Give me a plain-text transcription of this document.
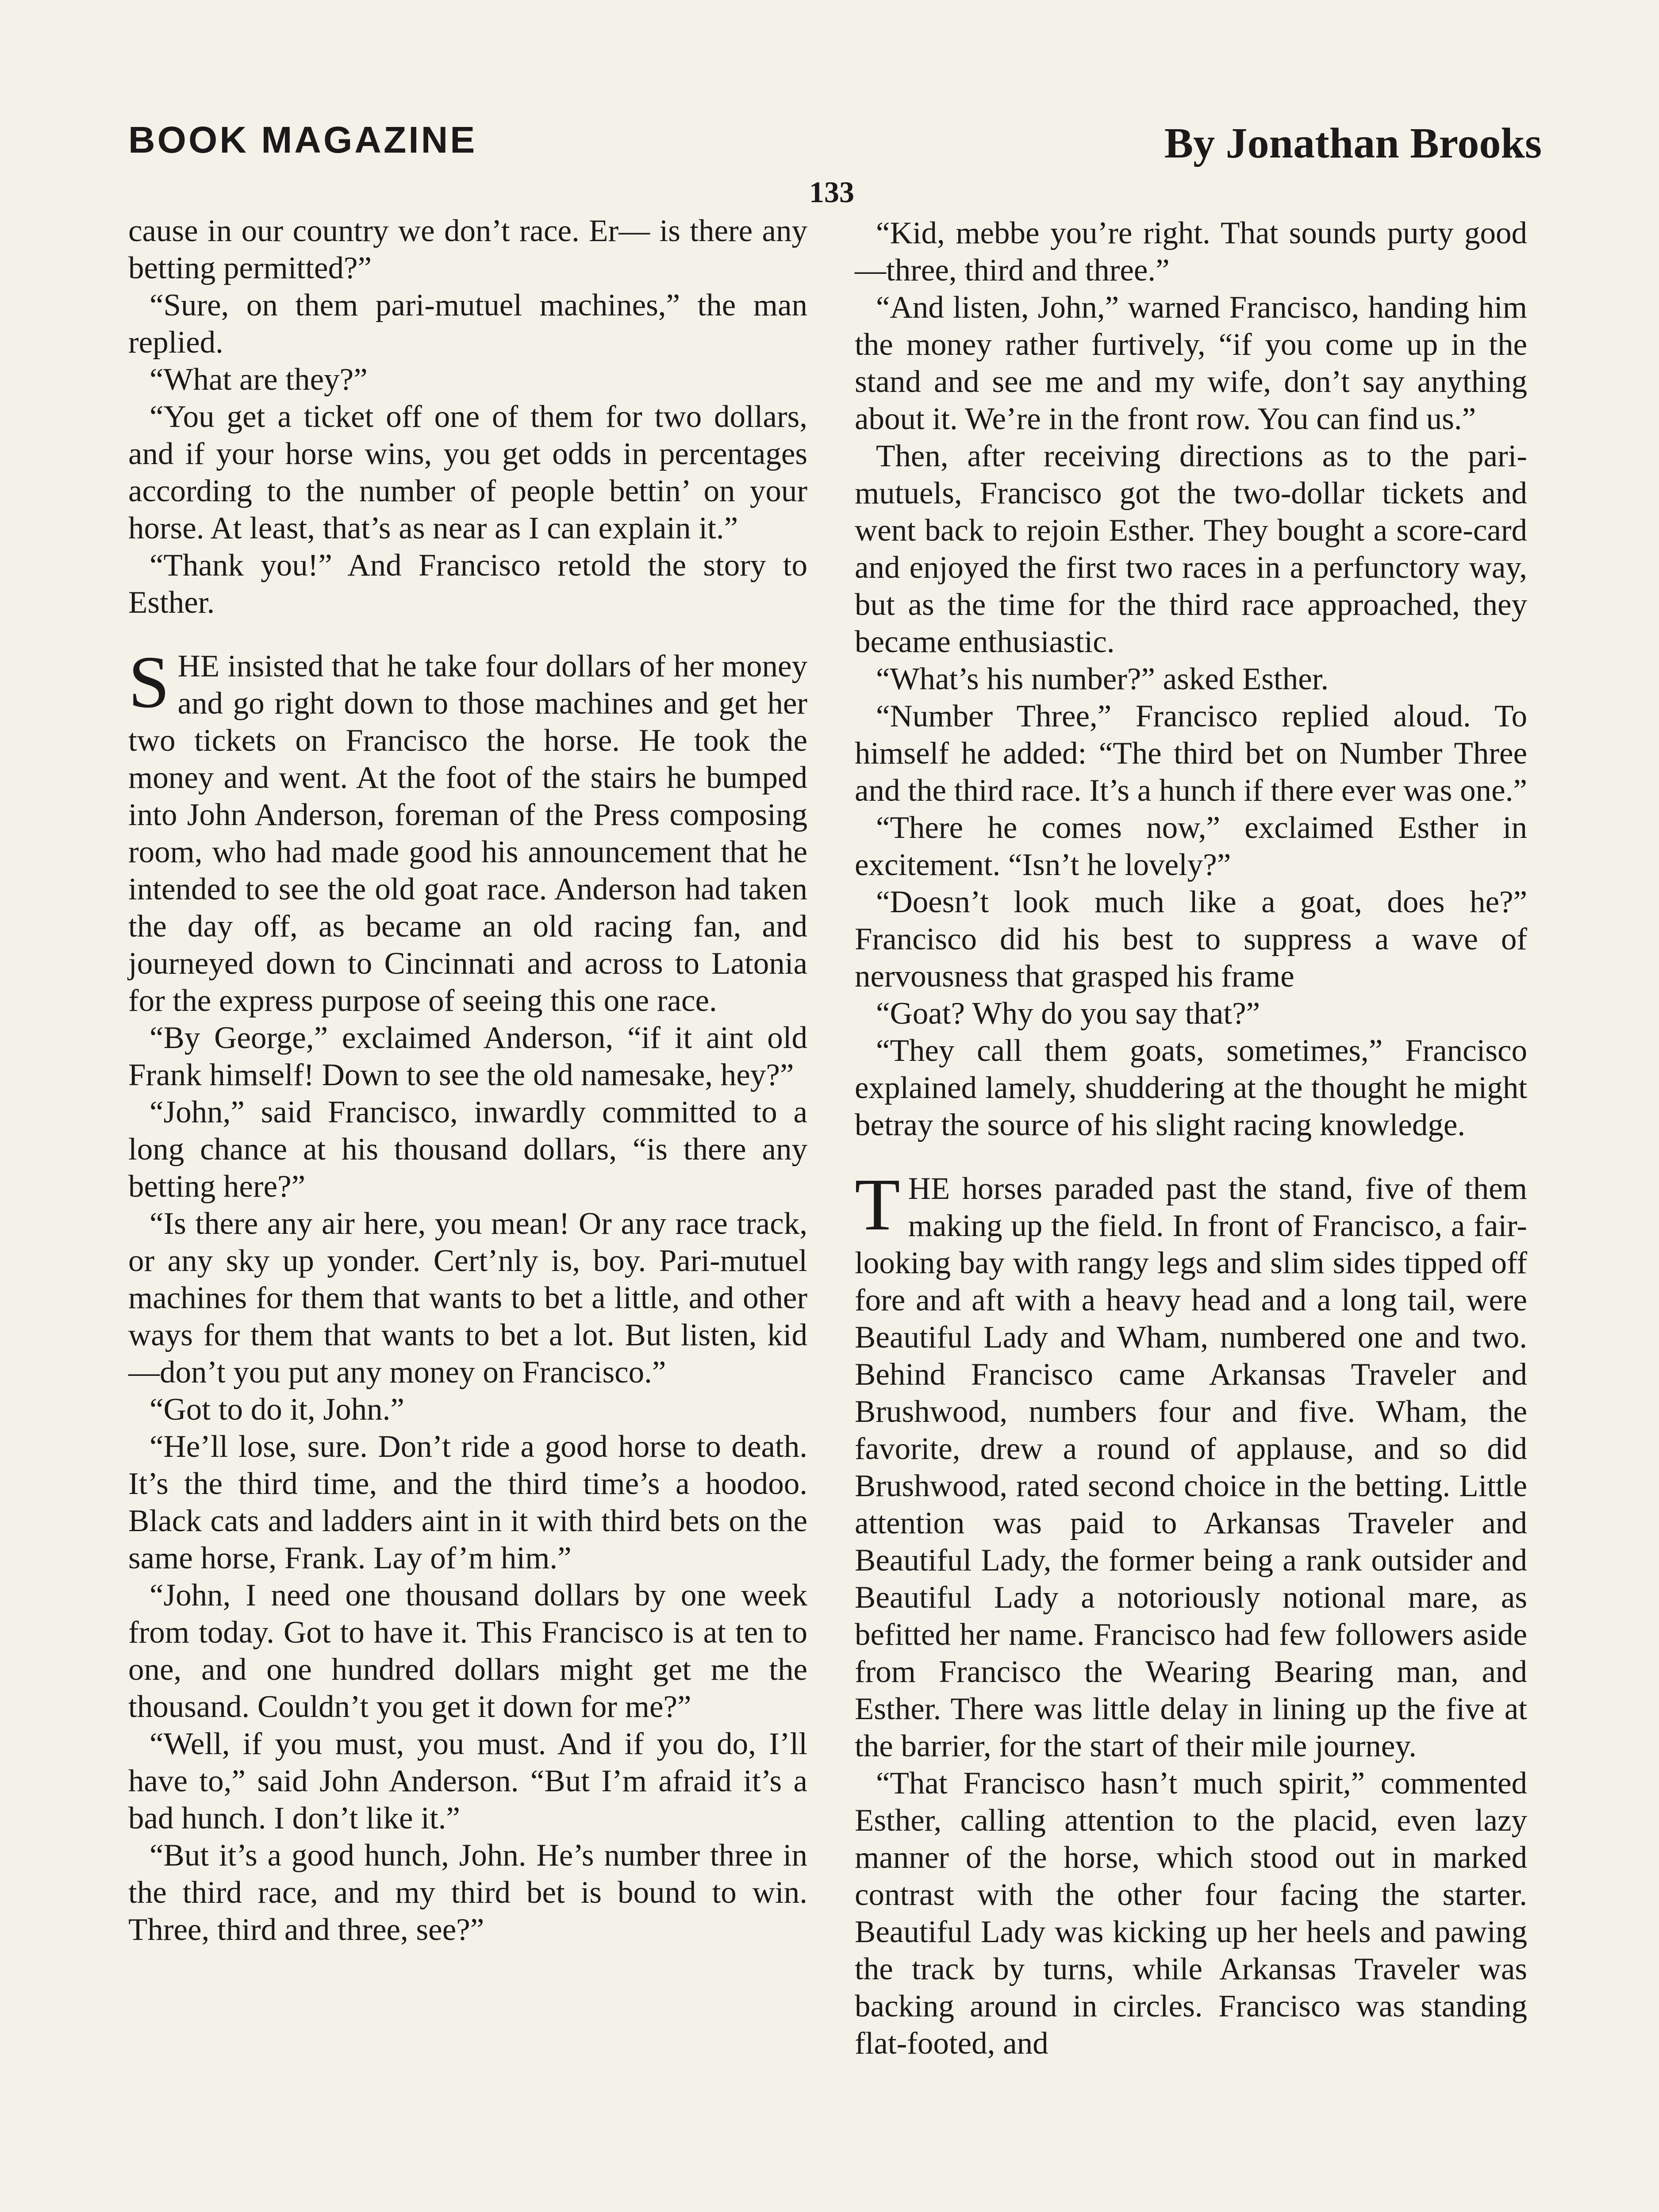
BOOK MAGAZINE	By Jonathan Brooks
133

cause in our country we don’t race. Er— is there any betting permitted?”

“Sure, on them pari-mutuel machines,” the man replied.

“What are they?”

“You get a ticket off one of them for two dollars, and if your horse wins, you get odds in percentages according to the number of people bettin’ on your horse. At least, that’s as near as I can explain it.”

“Thank you!” And Francisco retold the story to Esther.

SHE insisted that he take four dollars of her money and go right down to those machines and get her two tickets on Francisco the horse. He took the money and went. At the foot of the stairs he bumped into John Anderson, foreman of the Press composing room, who had made good his announcement that he intended to see the old goat race. Anderson had taken the day off, as became an old racing fan, and journeyed down to Cincinnati and across to Latonia for the express purpose of seeing this one race.

“By George,” exclaimed Anderson, “if it aint old Frank himself! Down to see the old namesake, hey?”

“John,” said Francisco, inwardly committed to a long chance at his thousand dollars, “is there any betting here?”

“Is there any air here, you mean! Or any race track, or any sky up yonder. Cert’nly is, boy. Pari-mutuel machines for them that wants to bet a little, and other ways for them that wants to bet a lot. But listen, kid—don’t you put any money on Francisco.”

“Got to do it, John.”

“He’ll lose, sure. Don’t ride a good horse to death. It’s the third time, and the third time’s a hoodoo. Black cats and ladders aint in it with third bets on the same horse, Frank. Lay of’m him.”

“John, I need one thousand dollars by one week from today. Got to have it. This Francisco is at ten to one, and one hundred dollars might get me the thousand. Couldn’t you get it down for me?”

“Well, if you must, you must. And if you do, I’ll have to,” said John Anderson. “But I’m afraid it’s a bad hunch. I don’t like it.”

“But it’s a good hunch, John. He’s number three in the third race, and my third bet is bound to win. Three, third and three, see?”

“Kid, mebbe you’re right. That sounds purty good—three, third and three.”

“And listen, John,” warned Francisco, handing him the money rather furtively, “if you come up in the stand and see me and my wife, don’t say anything about it. We’re in the front row. You can find us.”

Then, after receiving directions as to the pari-mutuels, Francisco got the two-dollar tickets and went back to rejoin Esther. They bought a score-card and enjoyed the first two races in a perfunctory way, but as the time for the third race approached, they became enthusiastic.

“What’s his number?” asked Esther.

“Number Three,” Francisco replied aloud. To himself he added: “The third bet on Number Three and the third race. It’s a hunch if there ever was one.”

“There he comes now,” exclaimed Esther in excitement. “Isn’t he lovely?”

“Doesn’t look much like a goat, does he?” Francisco did his best to suppress a wave of nervousness that grasped his frame

“Goat? Why do you say that?”

“They call them goats, sometimes,” Francisco explained lamely, shuddering at the thought he might betray the source of his slight racing knowledge.

THE horses paraded past the stand, five of them making up the field. In front of Francisco, a fair-looking bay with rangy legs and slim sides tipped off fore and aft with a heavy head and a long tail, were Beautiful Lady and Wham, numbered one and two. Behind Francisco came Arkansas Traveler and Brushwood, numbers four and five. Wham, the favorite, drew a round of applause, and so did Brushwood, rated second choice in the betting. Little attention was paid to Arkansas Traveler and Beautiful Lady, the former being a rank outsider and Beautiful Lady a notoriously notional mare, as befitted her name. Francisco had few followers aside from Francisco the Wearing Bearing man, and Esther. There was little delay in lining up the five at the barrier, for the start of their mile journey.

“That Francisco hasn’t much spirit,” commented Esther, calling attention to the placid, even lazy manner of the horse, which stood out in marked contrast with the other four facing the starter. Beautiful Lady was kicking up her heels and pawing the track by turns, while Arkansas Traveler was backing around in circles. Francisco was standing flat-footed, and
